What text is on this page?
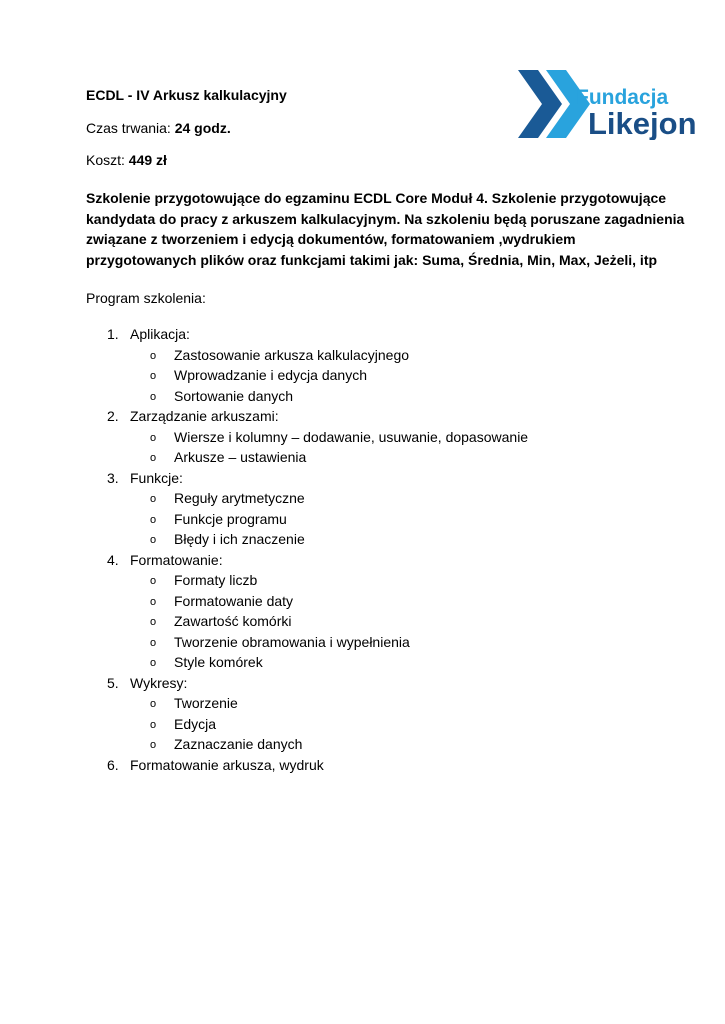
Fundacja
Likejon
ECDL - IV Arkusz kalkulacyjny
Czas trwania: 24 godz.
Koszt: 449 zł
Szkolenie przygotowujące do egzaminu ECDL Core Moduł 4. Szkolenie przygotowujące
kandydata do pracy z arkuszem kalkulacyjnym. Na szkoleniu będą poruszane zagadnienia
związane z tworzeniem i edycją dokumentów, formatowaniem ,wydrukiem
przygotowanych plików oraz funkcjami takimi jak: Suma, Średnia, Min, Max, Jeżeli, itp
Program szkolenia:
1. Aplikacja:
o Zastosowanie arkusza kalkulacyjnego
o Wprowadzanie i edycja danych
o Sortowanie danych
2. Zarządzanie arkuszami:
o Wiersze i kolumny – dodawanie, usuwanie, dopasowanie
o Arkusze – ustawienia
3. Funkcje:
o Reguły arytmetyczne
o Funkcje programu
o Błędy i ich znaczenie
4. Formatowanie:
o Formaty liczb
o Formatowanie daty
o Zawartość komórki
o Tworzenie obramowania i wypełnienia
o Style komórek
5. Wykresy:
o Tworzenie
o Edycja
o Zaznaczanie danych
6. Formatowanie arkusza, wydruk
